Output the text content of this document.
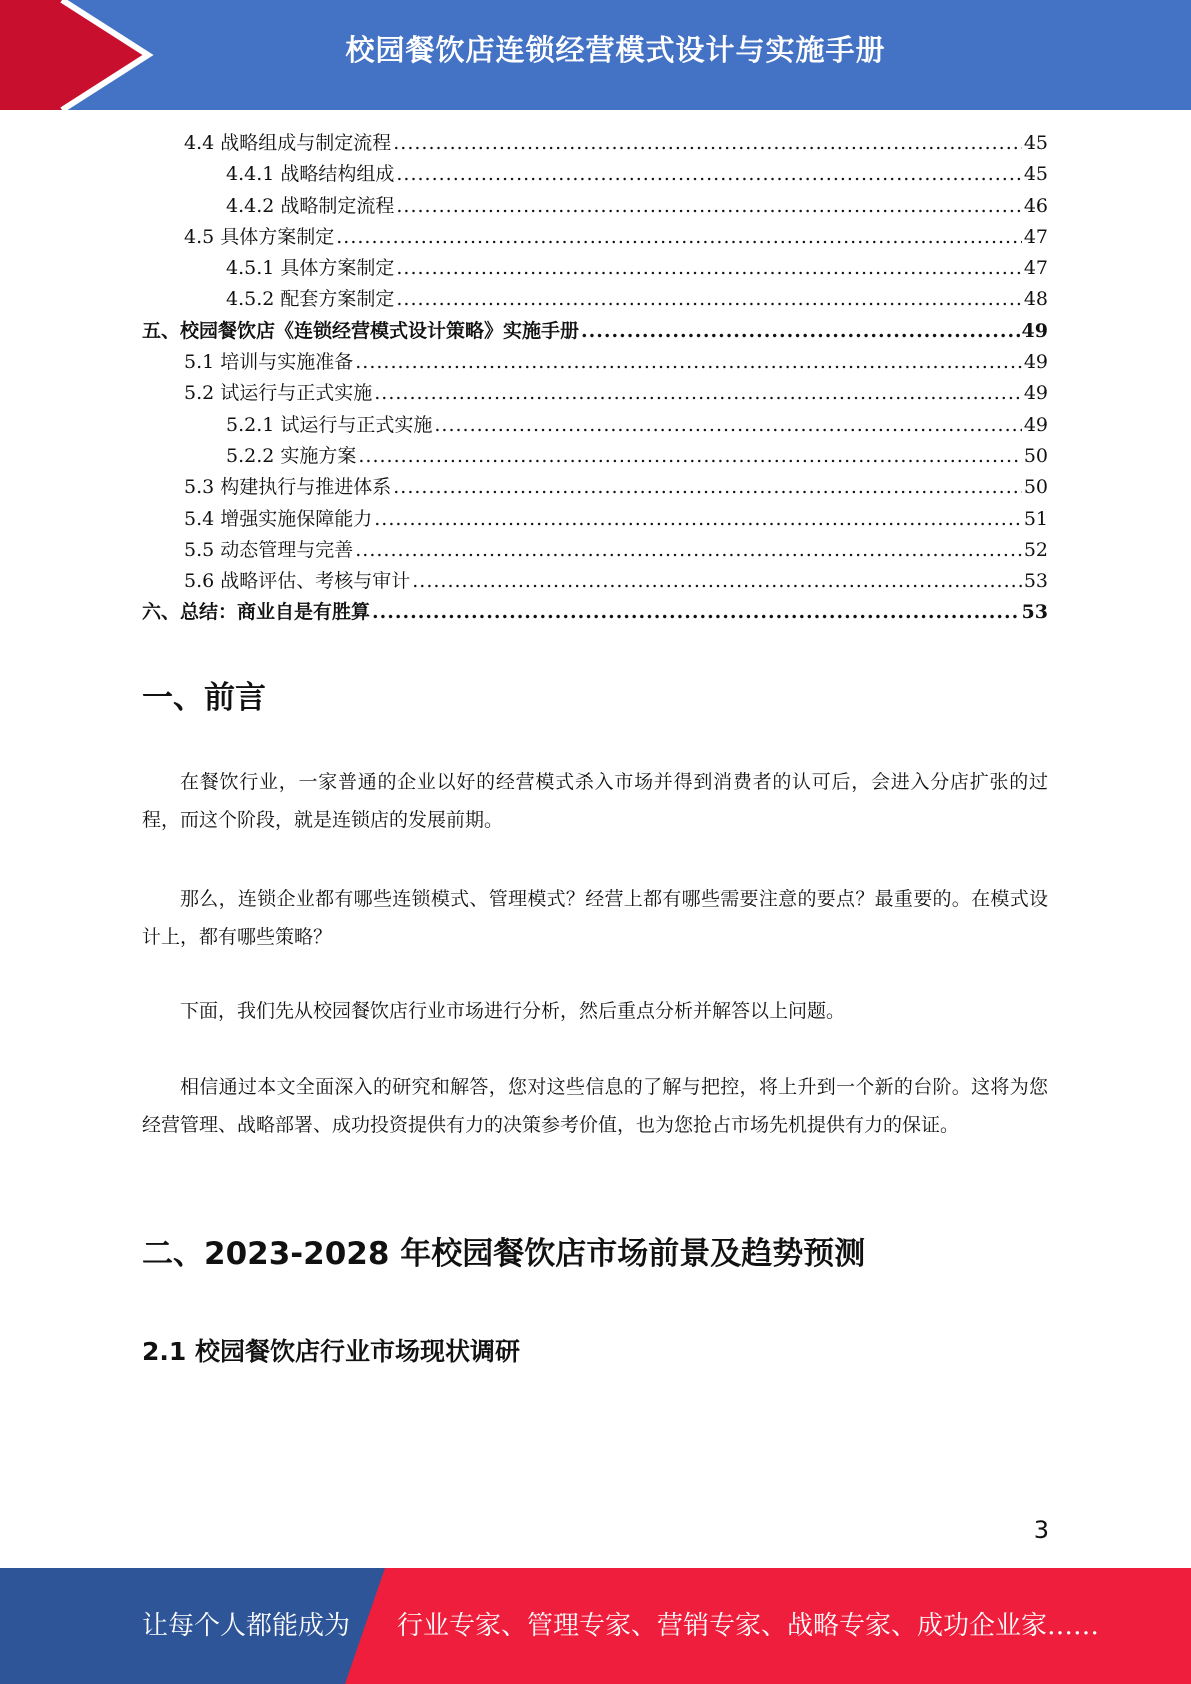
校园餐饮店连锁经营模式设计与实施手册
4.4 战略组成与制定流程 .....	45
4.4.1 战略结构组成 .....	45
4.4.2 战略制定流程 .....	46
4.5 具体方案制定 .....	47
4.5.1 具体方案制定 .....	47
4.5.2 配套方案制定 .....	48
五、校园餐饮店《连锁经营模式设计策略》实施手册 .....	49
5.1 培训与实施准备 .....	49
5.2 试运行与正式实施 .....	49
5.2.1 试运行与正式实施 .....	49
5.2.2 实施方案 .....	50
5.3 构建执行与推进体系 .....	50
5.4 增强实施保障能力 .....	51
5.5 动态管理与完善 .....	52
5.6 战略评估、考核与审计 .....	53
六、总结：商业自是有胜算 .....	53
一、前言

在餐饮行业，一家普通的企业以好的经营模式杀入市场并得到消费者的认可后，会进入分店扩张的过程，而这个阶段，就是连锁店的发展前期。

那么，连锁企业都有哪些连锁模式、管理模式？经营上都有哪些需要注意的要点？最重要的。在模式设计上，都有哪些策略？

下面，我们先从校园餐饮店行业市场进行分析，然后重点分析并解答以上问题。

相信通过本文全面深入的研究和解答，您对这些信息的了解与把控，将上升到一个新的台阶。这将为您经营管理、战略部署、成功投资提供有力的决策参考价值，也为您抢占市场先机提供有力的保证。

二、2023-2028 年校园餐饮店市场前景及趋势预测
2.1 校园餐饮店行业市场现状调研
3
让每个人都能成为 行业专家、管理专家、营销专家、战略专家、成功企业家……
